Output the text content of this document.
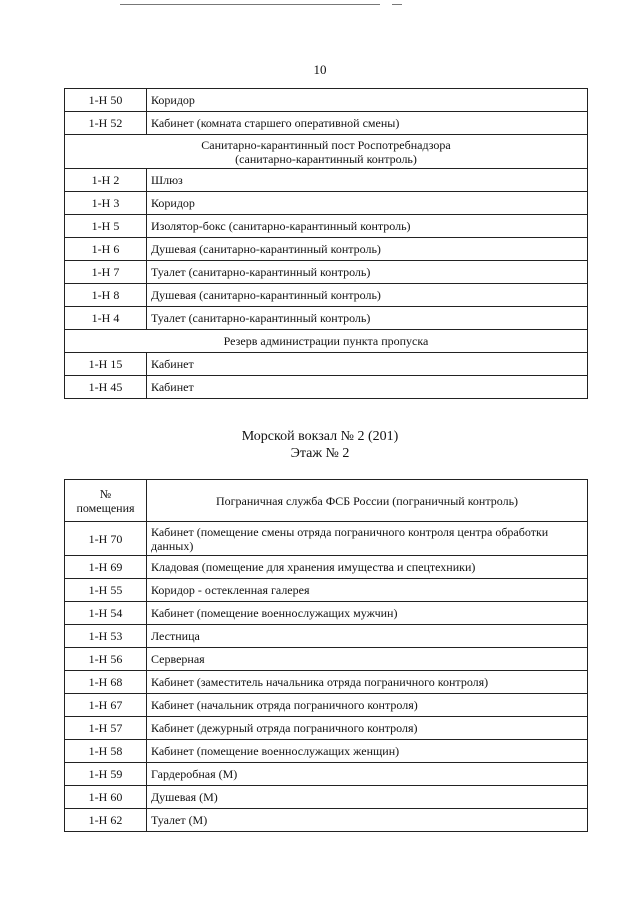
10
1-Н 50	Коридор
1-Н 52	Кабинет (комната старшего оперативной смены)

Санитарно-карантинный пост Роспотребнадзора
(санитарно-карантинный контроль)	

1-Н 2	Шлюз
1-Н 3	Коридор
1-Н 5	Изолятор-бокс (санитарно-карантинный контроль)
1-Н 6	Душевая (санитарно-карантинный контроль)
1-Н 7	Туалет (санитарно-карантинный контроль)
1-Н 8	Душевая (санитарно-карантинный контроль)
1-Н 4	Туалет (санитарно-карантинный контроль)

Резерв администрации пункта пропуска	

1-Н 15	Кабинет
1-Н 45	Кабинет
Морской вокзал № 2 (201)
Этаж № 2
№
помещения	Пограничная служба ФСБ России (пограничный контроль)
1-Н 70	Кабинет (помещение смены отряда пограничного контроля центра обработки данных)
1-Н 69	Кладовая (помещение для хранения имущества и спецтехники)
1-Н 55	Коридор - остекленная галерея
1-Н 54	Кабинет (помещение военнослужащих мужчин)
1-Н 53	Лестница
1-Н 56	Серверная
1-Н 68	Кабинет (заместитель начальника отряда пограничного контроля)
1-Н 67	Кабинет (начальник отряда пограничного контроля)
1-Н 57	Кабинет (дежурный отряда пограничного контроля)
1-Н 58	Кабинет (помещение военнослужащих женщин)
1-Н 59	Гардеробная (М)
1-Н 60	Душевая (М)
1-Н 62	Туалет (М)
